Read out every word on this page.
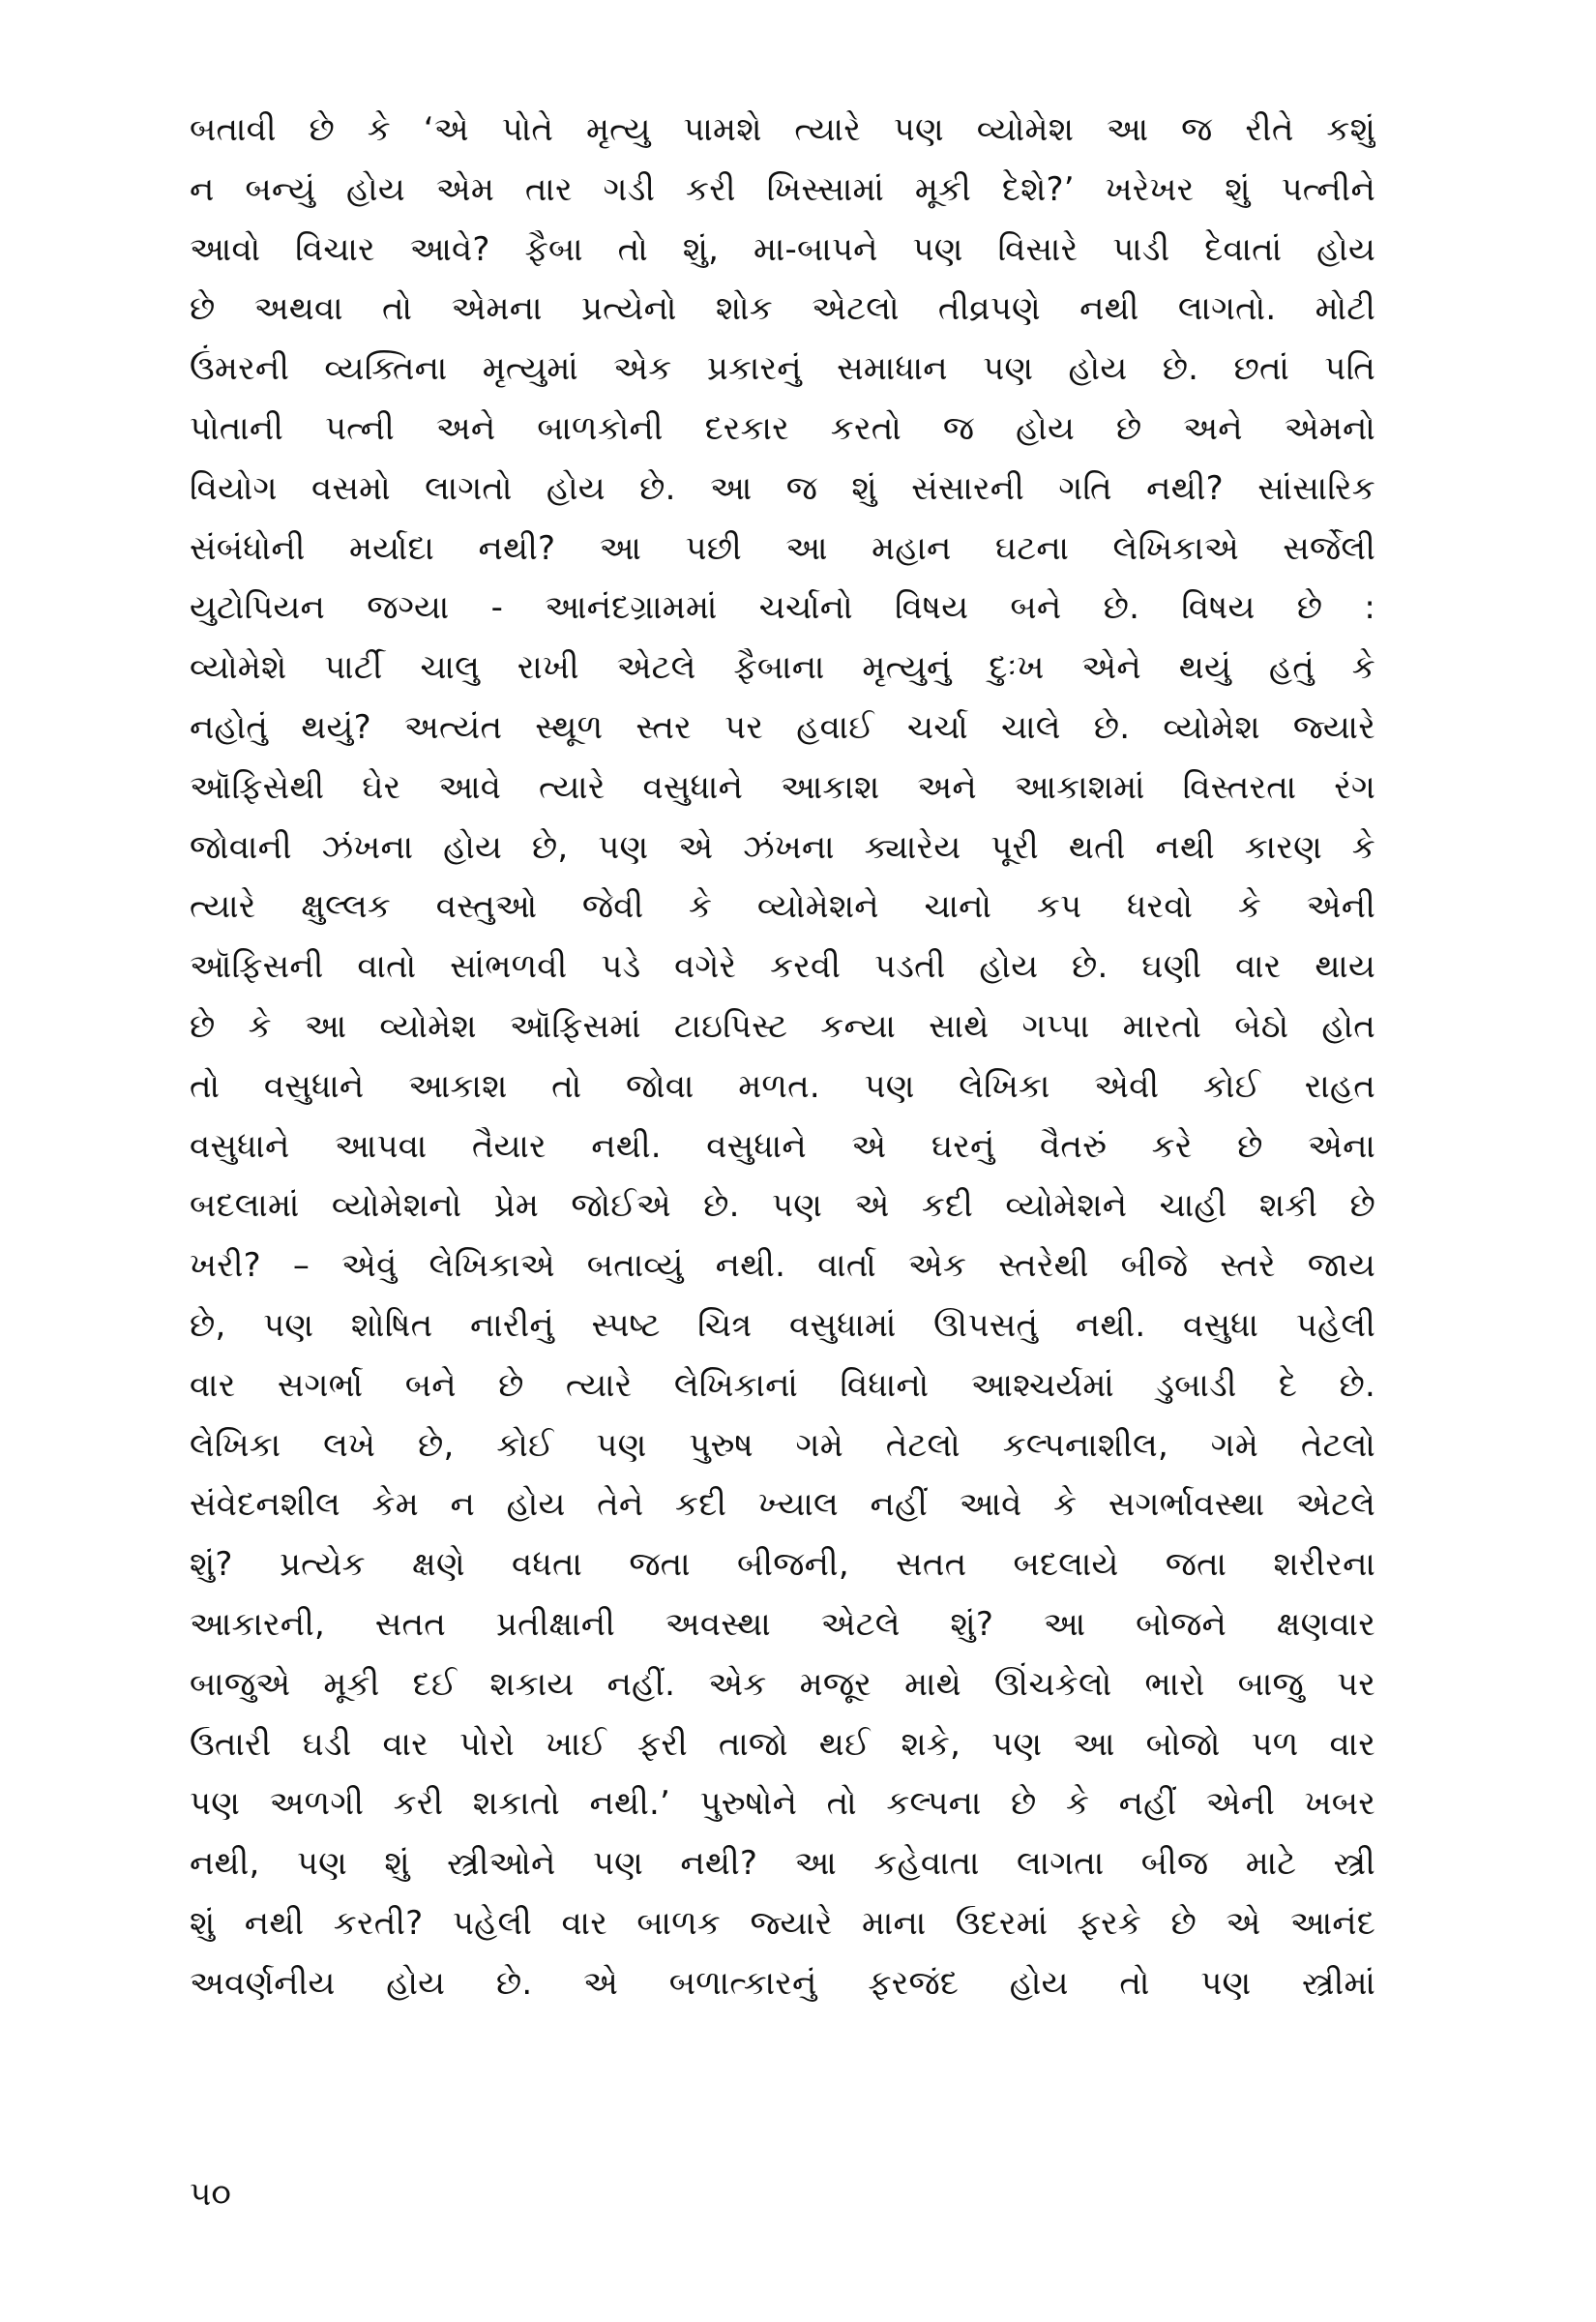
બતાવી છે કે ‘એ પોતે મૃત્યુ પામશે ત્યારે પણ વ્યોમેશ આ જ રીતે કશું
ન બન્યું હોય એમ તાર ગડી કરી ખિસ્સામાં મૂકી દેશે?’ ખરેખર શું પત્નીને
આવો વિચાર આવે? ફૈબા તો શું, મા-બાપને પણ વિસારે પાડી દેવાતાં હોય
છે અથવા તો એમના પ્રત્યેનો શોક એટલો તીવ્રપણે નથી લાગતો. મોટી
ઉંમરની વ્યક્તિના મૃત્યુમાં એક પ્રકારનું સમાધાન પણ હોય છે. છતાં પતિ
પોતાની પત્ની અને બાળકોની દરકાર કરતો જ હોય છે અને એમનો
વિયોગ વસમો લાગતો હોય છે. આ જ શું સંસારની ગતિ નથી? સાંસારિક
સંબંધોની મર્યાદા નથી? આ પછી આ મહાન ઘટના લેખિકાએ સર્જેલી
યુટોપિયન જગ્યા - આનંદગ્રામમાં ચર્ચાનો વિષય બને છે. વિષય છે :
વ્યોમેશે પાર્ટી ચાલુ રાખી એટલે ફૈબાના મૃત્યુનું દુઃખ એને થયું હતું કે
નહોતું થયું? અત્યંત સ્થૂળ સ્તર પર હવાઈ ચર્ચા ચાલે છે. વ્યોમેશ જ્યારે
ઑફિસેથી ઘેર આવે ત્યારે વસુધાને આકાશ અને આકાશમાં વિસ્તરતા રંગ
જોવાની ઝંખના હોય છે, પણ એ ઝંખના ક્યારેય પૂરી થતી નથી કારણ કે
ત્યારે ક્ષુલ્લક વસ્તુઓ જેવી કે વ્યોમેશને ચાનો કપ ધરવો કે એની
ઑફિસની વાતો સાંભળવી પડે વગેરે કરવી પડતી હોય છે. ઘણી વાર થાય
છે કે આ વ્યોમેશ ઑફિસમાં ટાઇપિસ્ટ કન્યા સાથે ગપ્પા મારતો બેઠો હોત
તો વસુધાને આકાશ તો જોવા મળત. પણ લેખિકા એવી કોઈ રાહત
વસુધાને આપવા તૈયાર નથી. વસુધાને એ ઘરનું વૈતરું કરે છે એના
બદલામાં વ્યોમેશનો પ્રેમ જોઈએ છે. પણ એ કદી વ્યોમેશને ચાહી શકી છે
ખરી? – એવું લેખિકાએ બતાવ્યું નથી. વાર્તા એક સ્તરેથી બીજે સ્તરે જાય
છે, પણ શોષિત નારીનું સ્પષ્ટ ચિત્ર વસુધામાં ઊપસતું નથી. વસુધા પહેલી
વાર સગર્ભા બને છે ત્યારે લેખિકાનાં વિધાનો આશ્ચર્યમાં ડુબાડી દે છે.
લેખિકા લખે છે, કોઈ પણ પુરુષ ગમે તેટલો કલ્પનાશીલ, ગમે તેટલો
સંવેદનશીલ કેમ ન હોય તેને કદી ખ્યાલ નહીં આવે કે સગર્ભાવસ્થા એટલે
શું? પ્રત્યેક ક્ષણે વધતા જતા બીજની, સતત બદલાયે જતા શરીરના
આકારની, સતત પ્રતીક્ષાની અવસ્થા એટલે શું? આ બોજને ક્ષણવાર
બાજુએ મૂકી દઈ શકાય નહીં. એક મજૂર માથે ઊંચકેલો ભારો બાજુ પર
ઉતારી ઘડી વાર પોરો ખાઈ ફરી તાજો થઈ શકે, પણ આ બોજો પળ વાર
પણ અળગી કરી શકાતો નથી.’ પુરુષોને તો કલ્પના છે કે નહીં એની ખબર
નથી, પણ શું સ્ત્રીઓને પણ નથી? આ કહેવાતા લાગતા બીજ માટે સ્ત્રી
શું નથી કરતી? પહેલી વાર બાળક જ્યારે માના ઉદરમાં ફરકે છે એ આનંદ
અવર્ણનીય હોય છે. એ બળાત્કારનું ફરજંદ હોય તો પણ સ્ત્રીમાં
૫૦
